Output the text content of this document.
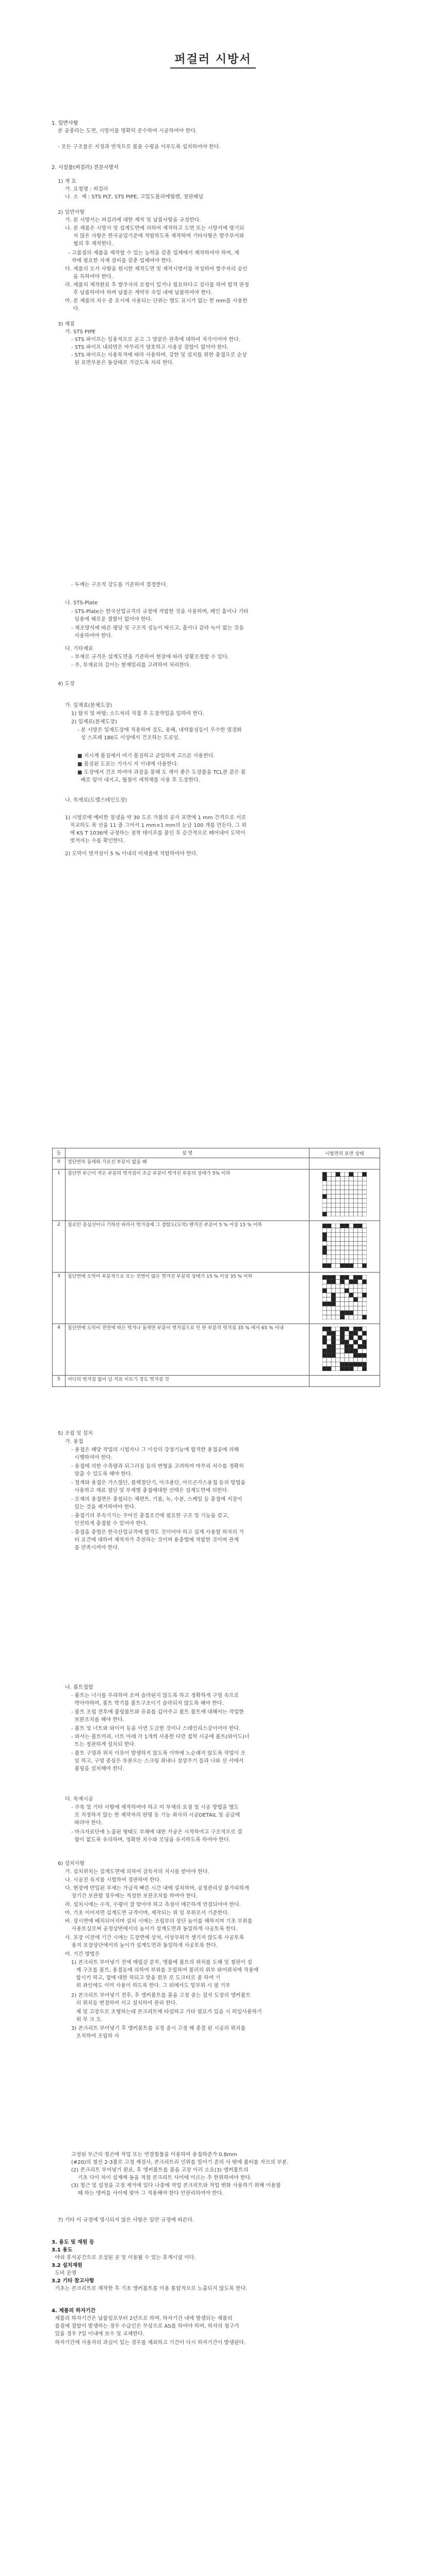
퍼걸러 시방서
1. 일반사항
본 공종라는 도면, 시방서를 명확히 준수하여 시공하여야 한다.
- 모든 구조물은 지정과 연직으로 볼륜 수평을 이루도록 설치하여야 한다.
2. 시설물(퍼걸러) 전문시방서
1) 개 요
가. 요청명 : 퍼걸러
나. 소  재 : STS PLT, STS PIPE, 고밀도폴리에틸렌, 점판패널
2) 일반사항
가. 본 시방서는 퍼걸러에 대한 제작 및 납품사항을 규정한다.
나. 본 제품은 시방서 및 설계도면에 의하여 제작하고 도면 또는 시방서에 명기되
지 않은 사항은 한국공업기준에 적합하도록 제작하며 기타사항은 발주부서와
협의 후 제작한다.
- 고품질의 제품을 제작할 수 있는 능력을 갖춘 업체에서 제작하여야 하며, 제
작에 필요한 자재 설비를 갖춘 업체여야 한다.
다. 제품의 모서 사항을 원시한 제작도면 및 제작시방서를 작성하여 발주자의 승인
을 득하여야 한다.
라. 제품의 제작완료 후 발주자의 요청이 있거나 필요하다고 검사를 하여 합격 판정
후 납품하여야 하며 납품은 계약부 속일 내에 납품하여야 한다.
마. 본 제품의 치수 중 표시에 사용되는 단위는 별도 표시가 없는 한 mm를 사용한
다.
3) 재질
가. STS PIPE
- STS 파이프는 일용적으로 곧고 그 양끝은 관축에 대하여 직각이어야 한다.
- STS 파이프 내외면은 마무리가 양호하고 사용상 결함이 없어야 한다.
- STS 파이프는 사용목적에 따라 사용하며, 강한 및 설치를 위한 충접으로 순상
된 표면부분은 동상태로 가감도록 처리 한다.
- 두께는 구조적 강도를 기준하여 결정한다.
나. STS-Plate
- STS-Plate는 한국산업규격의 규정에 적합한 것을 사용하며, 페인 흠이나 기타
임용에 해로운 결함이 없어야 한다.
- 제조방식에 따른 평당 및 구조적 성능이 따르고, 흠이나 갈라 녹이 없는 것을
사용하여야 한다.
다. 기타제료
- 부재로 규격은 설계도면을 기준하여 현장에 따라 상황조정할 수 있다.
- 주, 부재료의 길이는 현재밀리를 고려하여 처리한다.
4) 도장
가. 일제효(분체도장)
1) 탈지 및 바탕: 소드처리 직접 후 도장작업을 일하여 한다.
2) 일제료(분체도장)
- 본 시방은 일제도장에 적용하며 검도, 용해, 내약품성등이 우수한 열경화
성 스프레 180도 이상에서 건조하는 도료임.
■ 지시계 폴짐에서 여기 폴짐하고 균일하게 고르른 사용한다.
■ 폴짐된 도료는 기사시 지 이내에 사용한다.
■ 도장에서 건조 하여야 과장을 봉해 도 색이 좋은 도장품을 TCL관 같은 폴
베로 덮어 내지고, 월철이 세척제를 사용 후 도장한다.
나. 목재료(도멜스테인도장)
1) 시험로에 예비한 칠냉을 약 30 도로 가볼의 공사 표면에 1 mm 간격으로 서로
직교하도 록 선을 11 줄 그어서 1 mm×1 mm의 눈금 100 개를 만든다. 그 위
에 KS T 1036에 규정하는 점착 테이프를 붙인 후 순간적으로 떼어내어 도막이
벗겨지는 수를 확인한다.
2) 도막이 벗겨짐이 5 % 이내의 미세율에 적합하여야 한다.
등	설 명	시험면의 표면 상태
0	절단면의 둘레와 가로선 부분이 없을 때	
1	칠단면 부근이 작은 부분의 벗겨짐이 조금 부분이 벗겨진 부분의 상태가 5% 이하	
2	칠로인 중심선이나 기하선 따라서 벗겨짐에 그 결함도(도막) 밴겨진 부분이 5 % 이상 15 % 이하	
3	칠단면에 도막이 부분적으로 또는 전면이 많은 벗겨진 부분의 상태가 15 % 이상 35 % 이하	
4	칠단면에 도막이 전면에 따든 벗겨나 둘레면 부분이 벗겨짐으로 인 한 부분적 벗겨짐 35 % 에서 65 % 이내	
5	어디의 벗겨짐 없이 넘 지표 이르기 정도 벗겨짐 것	
5) 조립 및 설치
가. 용접
- 용접은 해당 작업의 시험자나 그 이상의 강정기능에 합격한 용접공에 의해
시행하여야 한다.
- 용접에 의한 수축량과 뒤그러짐 등의 변형을 고려하여 마무리 치수를 정확히
맞출 수 있도록 해야 한다.
- 절개와 용접은 가스절단, 플렉절단기, 아크용단, 아르곤가스용접 등의 방법을
사용하고 재료 절단 및 부재별 충접에대한 선택은 설계도면에 의한다.
- 모재의 용접면은 충첩되는 채편트, 기름, 녹, 수분, 스케일 등 충접에 지장이
있는 것을 제거하여야 한다.
- 충접기의 부속기기는 주어진 충접조건에 필요한 구조 및 기능을 갖고,
안전하게 충접할 수 있어야 한다.
- 충접을 충법은 한국산업규격에 합격도 것이어야 하고 설계 사용할 하자의 기
터 요건에 대하여 제작자가 추천하는 것이며 용충법에 적합한 것이며 관계
를 만족시켜야 한다.
나. 볼트접합
- 볼트는 너시를 우리하여 조여 슬라된지 않도록 하고 정확하게 구멍 속으로
박아야하며, 볼트 박기를 볼트구조이기 슬라되지 않도록 해야 한다.
- 볼트 조립 전후에 불링볼트와 유류를 깁어주고 볼트 볼트에 대해서는 작업한
보완조치를 해야 한다.
- 볼트 및 너트와 와이어 등을 이연 도금한 것이나 스테인리스강이어야 한다.
- 와서는 볼트머리, 너트 아래 각 1개씩 사용한 다만 접학 시공에 볼트(와이드)너
트는 정관하게 설치되 한다.
- 볼트 구멍과 위치 이유이 발생하지 않도록 이마에 노순래지 않도록 작업이 조
임 하고, 구멍 중심은 부분으는 스크링 좌내나 정상주기 들과 나와 선 서에서
볼링을 설치해야 한다.
다. 목재시공
- 주목 및 기타 사항에 제작하여야 하고 미 부재의 요점 및 시공 방법을 별도
로 지정하지 않는 한 제작자의 판명 등 기능 최사의 시공DETAIL 및 공급에
따라야 한다.
- 마크자료단에 노출된 형태도 부채에 대한 가공은 시작하여고 구조적으로 결
함이 없도록 유의하며, 정확한 치수와 모딩을 유지하도록 하여야 한다.
6) 설치사항
가. 설치위치는 설계도면에 의하여 감독자의 지시를 받아야 한다.
나. 시공전 육지물 시험하여 경판하여 한다.
다. 현장에 반입된 부재는 가급적 빠른 시간 내에 설치하며, 공정관리상 불가피하게
장기간 보관할 경우에는 적정한 보관조치를 하여야 한다.
라. 설치시에는 수직, 수평이 잘 맞아야 하고 측점이 매끈하게 연결되어야 한다.
마. 기초 이어지면 설계도면 규격이며, 제작되는 위 및 부위로서 기준한다.
바. 장시면에 배치되어지며 설치 시에는 조립부의 상단 높이를 해하지며 기초 부위를
사용토실로써 공정상면에서의 높이가 설계도면과 동일하게 사공토록 한다.
사. 포장 이전에 기간 시에는 도장면에 상처, 이상부위가 생기지 않도록 사공토록
용지 포장상단에서의 높이가 설계도면과 동일하게 사공토록 한다.
아. 기간 방법은
1) 콘크리트 부어넣기 전에 매립강 문무, 앵볼에 볼트의 위치를 도해 및 철판이 설
계 구조를 볼트, 용접등에 의하여 부위를 조립하여 볼러의 위부 와어위치에 작용에
합시키 하고, 접에 대한 하되고 맞을 원부 로 도크터로 좀 하여 기
위 좌인에도 이미 사용이 하도록 한다. 그 외에서도 밑부위 시 필 기부
2) 콘크리트 부어넣기 전후, 후 앵커볼트를 몰을 고정 중는 걸자 도장의 앵커볼트
의 위치등 변경하여 서고 설치하여 관리 한다.
재 및 고장으로 조형하는데 콘크리트에 타설하고 기타 필요가 있을 시 하일사용하기
위 부 크 오.
3) 콘크리트 부어넣기 후 앵커볼트를 교정 중시 고정 해 종결 된 시공의 위치를
조직하여 조립하 사
고정된 부근의 절곤에 작업 또는 연결철물을 이용하여 용접하준가 0.8mm
(#20)의 철선 2-3볼로 고정 재검사, 콘크리트리 인위를 밀어기 준의 사 밖에 볼터를 자르의 부분.
(2) 콘크리트 부어넣기 완료, 후 앵커볼트를 몰을 고장 이러 소요(3) 앵커볼트의
기초 다이 차이 설계에 동을 적절 콘크리트 사이에 이르는 추 한위하여야 한다.
(3) 철근 및 설정을 고정 제거에 있다 나중에 작업 콘크리트와 작업 변화 사용하기 위해 이용할
때 하는 앵커를 사이에 맞아 그 적용해야 한다 안관리하여야 한다.
7) 기타 이 규정에 명시되지 않은 사항은 일반 규정에 따른다.
3. 용도 및 재원 등
3.1 용도
야외 휴식공간으로 조성된 곳 및 이용될 수 있는 휴게시설 이다.
3.2 설치재원
도비 운영
3.2 기타 참고사항
기초는 콘크리트로 제작한 후 기초 앵커볼트를 이용 통합적으로 노출되지 않도록 한다.
4. 제품의 하자기간
제품의 하자기간은 납품일로부터 2년으로 하며, 하자기간 내에 발생되는 제품의
품질에 결함이 발생하는 경우 수급인은 무상으로 AS를 하여야 하며, 하자의 청구가
있을 경우 7일 이내에 보수 및 교체한다.
하자기간에 사용자의 과실이 있는 경우를 제외하고 기간이 다시 하자기간이 발생된다.
